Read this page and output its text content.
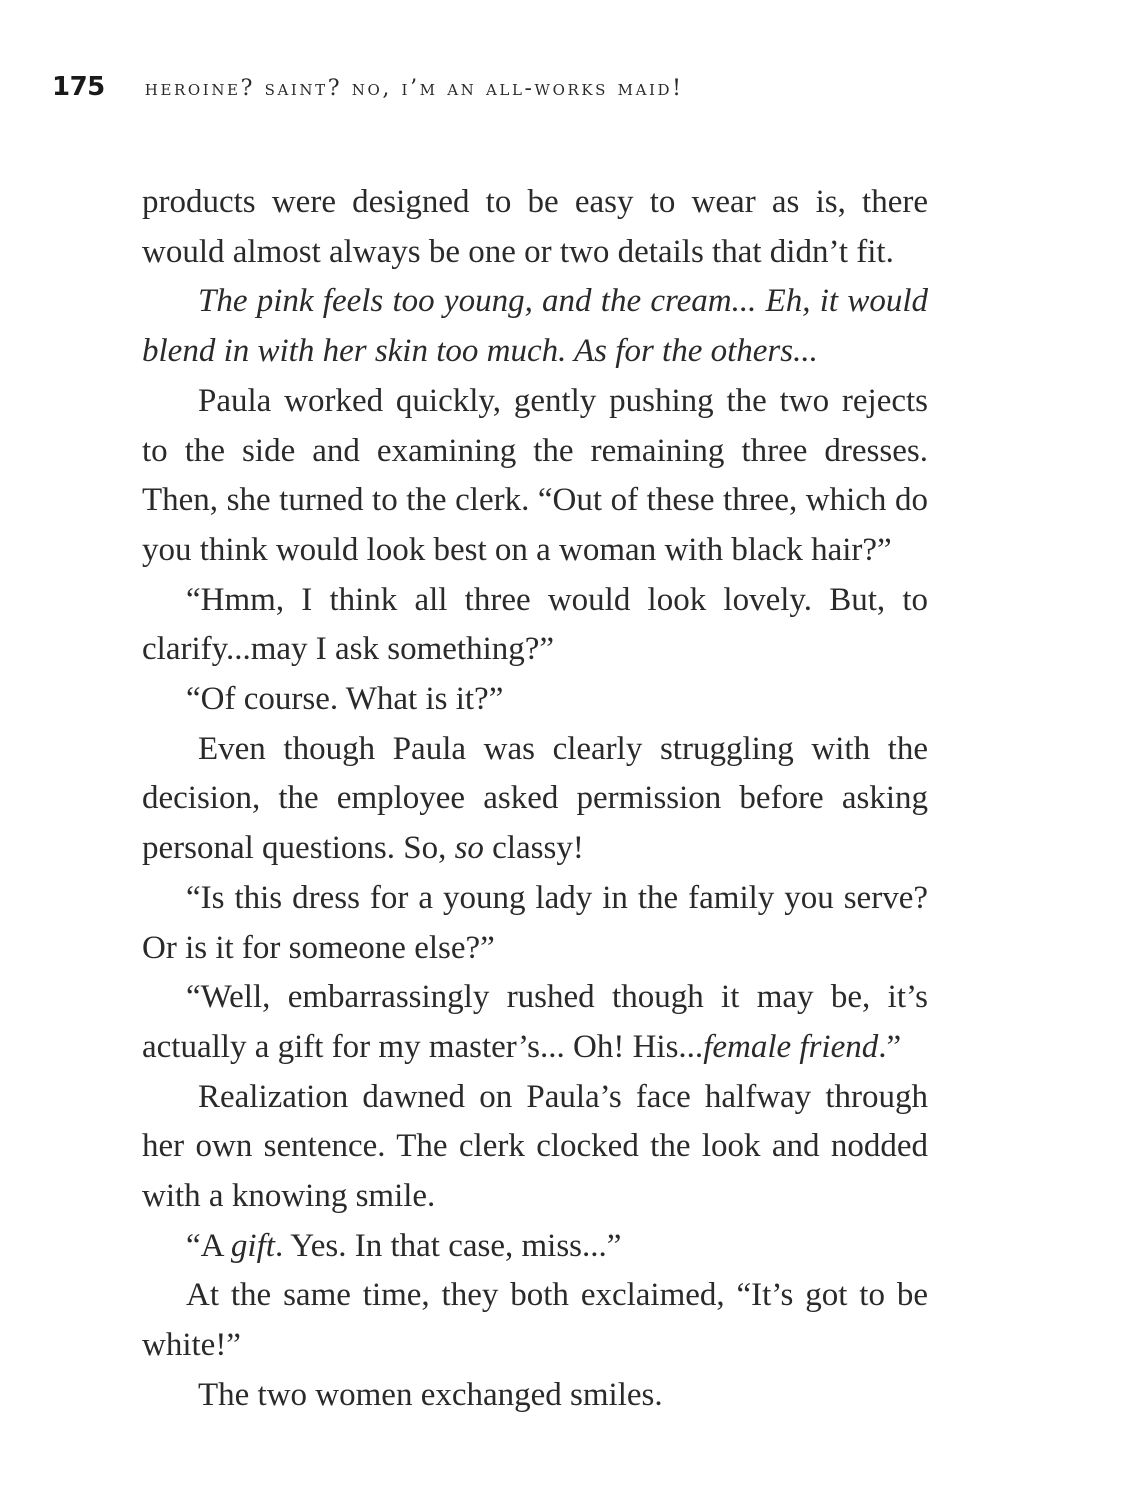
175 heroine? saint? no, i’m an all-works maid!

products were designed to be easy to wear as is, there would almost always be one or two details that didn’t fit.

The pink feels too young, and the cream... Eh, it would blend in with her skin too much. As for the others...

Paula worked quickly, gently pushing the two rejects to the side and examining the remaining three dresses. Then, she turned to the clerk. “Out of these three, which do you think would look best on a woman with black hair?”

“Hmm, I think all three would look lovely. But, to clarify...may I ask something?”

“Of course. What is it?”

Even though Paula was clearly struggling with the decision, the employee asked permission before asking personal questions. So, so classy!

“Is this dress for a young lady in the family you serve? Or is it for someone else?”

“Well, embarrassingly rushed though it may be, it’s actually a gift for my master’s... Oh! His...female friend.”

Realization dawned on Paula’s face halfway through her own sentence. The clerk clocked the look and nodded with a knowing smile.

“A gift. Yes. In that case, miss...”

At the same time, they both exclaimed, “It’s got to be white!”

The two women exchanged smiles.
